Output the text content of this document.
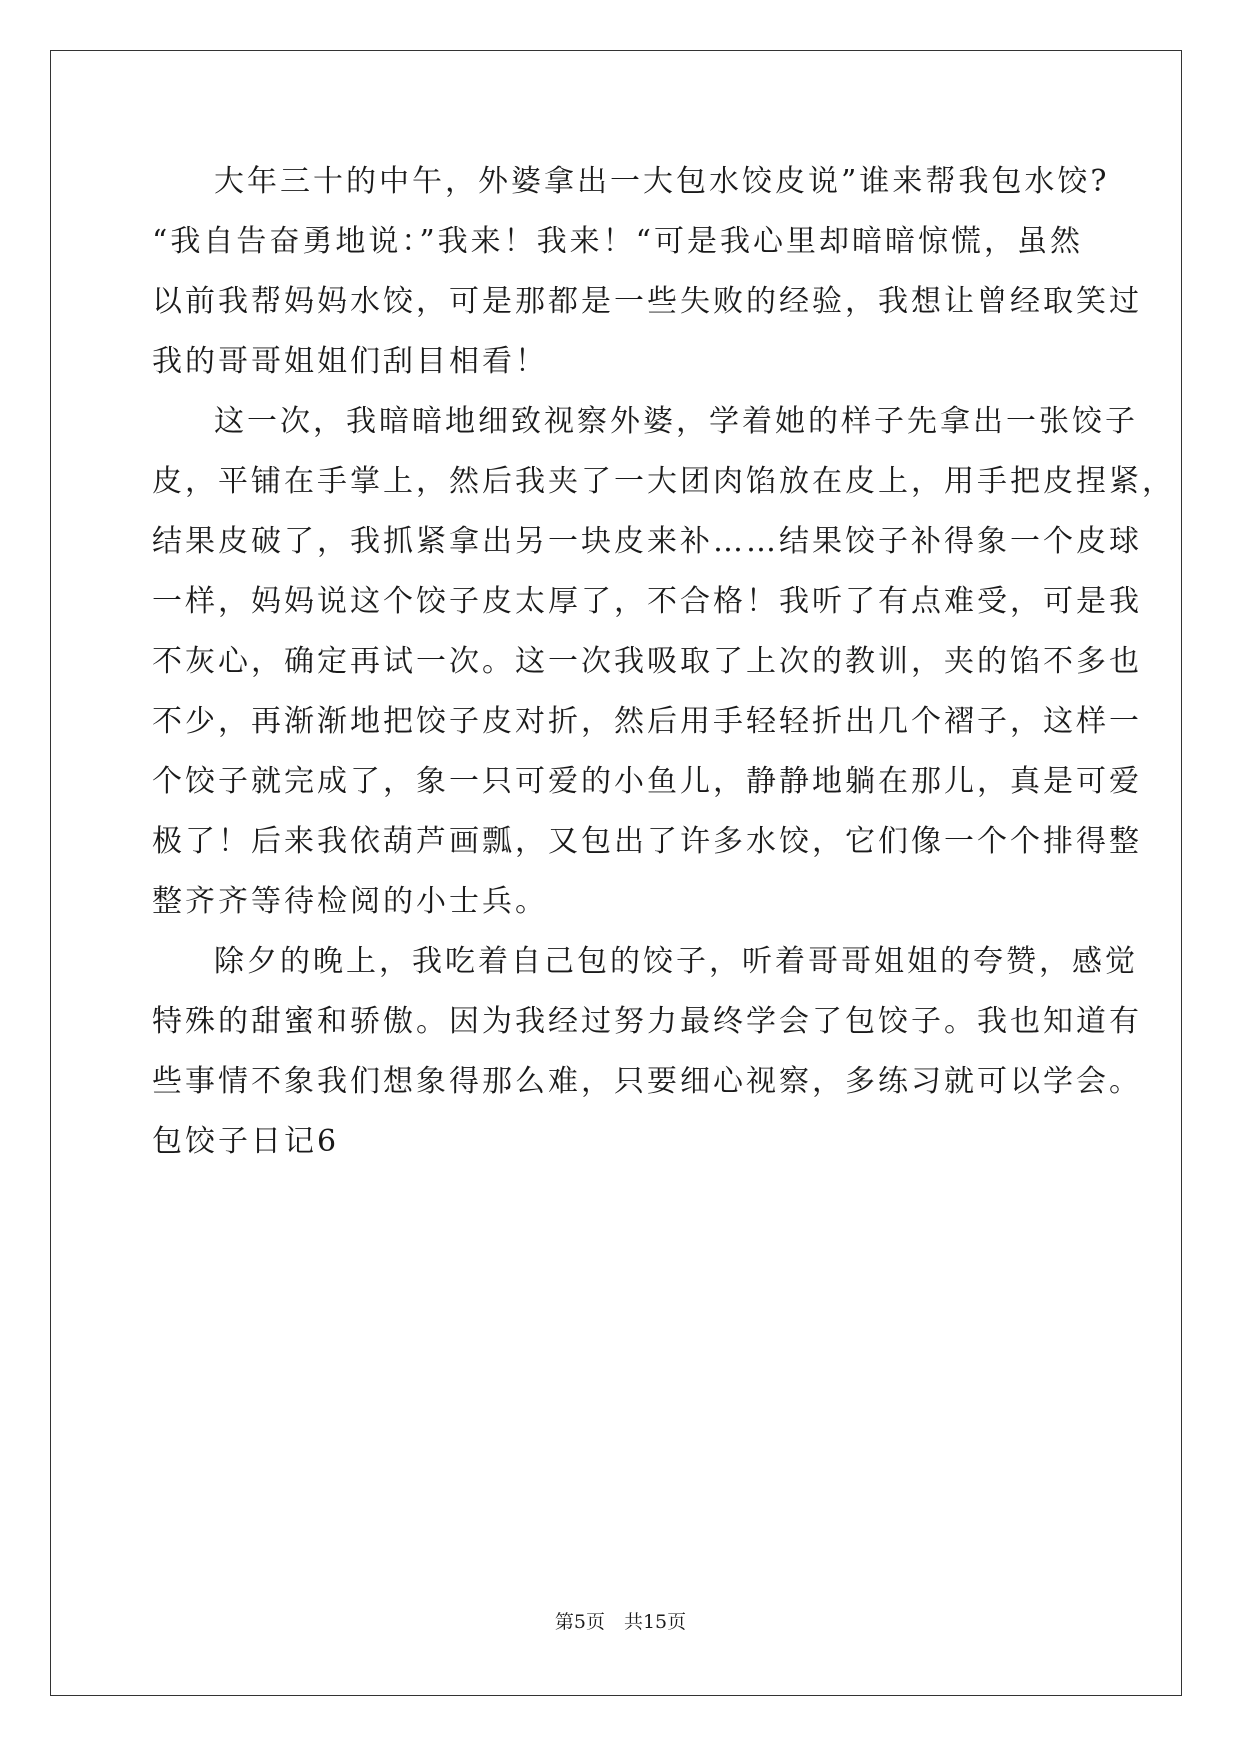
大年三十的中午，外婆拿出一大包水饺皮说”谁来帮我包水饺?
“我自告奋勇地说：”我来！我来！“可是我心里却暗暗惊慌，虽然
以前我帮妈妈水饺，可是那都是一些失败的经验，我想让曾经取笑过
我的哥哥姐姐们刮目相看！
这一次，我暗暗地细致视察外婆，学着她的样子先拿出一张饺子
皮，平铺在手掌上，然后我夹了一大团肉馅放在皮上，用手把皮捏紧，
结果皮破了，我抓紧拿出另一块皮来补……结果饺子补得象一个皮球
一样，妈妈说这个饺子皮太厚了，不合格！我听了有点难受，可是我
不灰心，确定再试一次。这一次我吸取了上次的教训，夹的馅不多也
不少，再渐渐地把饺子皮对折，然后用手轻轻折出几个褶子，这样一
个饺子就完成了，象一只可爱的小鱼儿，静静地躺在那儿，真是可爱
极了！后来我依葫芦画瓢，又包出了许多水饺，它们像一个个排得整
整齐齐等待检阅的小士兵。
除夕的晚上，我吃着自己包的饺子，听着哥哥姐姐的夸赞，感觉
特殊的甜蜜和骄傲。因为我经过努力最终学会了包饺子。我也知道有
些事情不象我们想象得那么难，只要细心视察，多练习就可以学会。
包饺子日记6
第5页　共15页
